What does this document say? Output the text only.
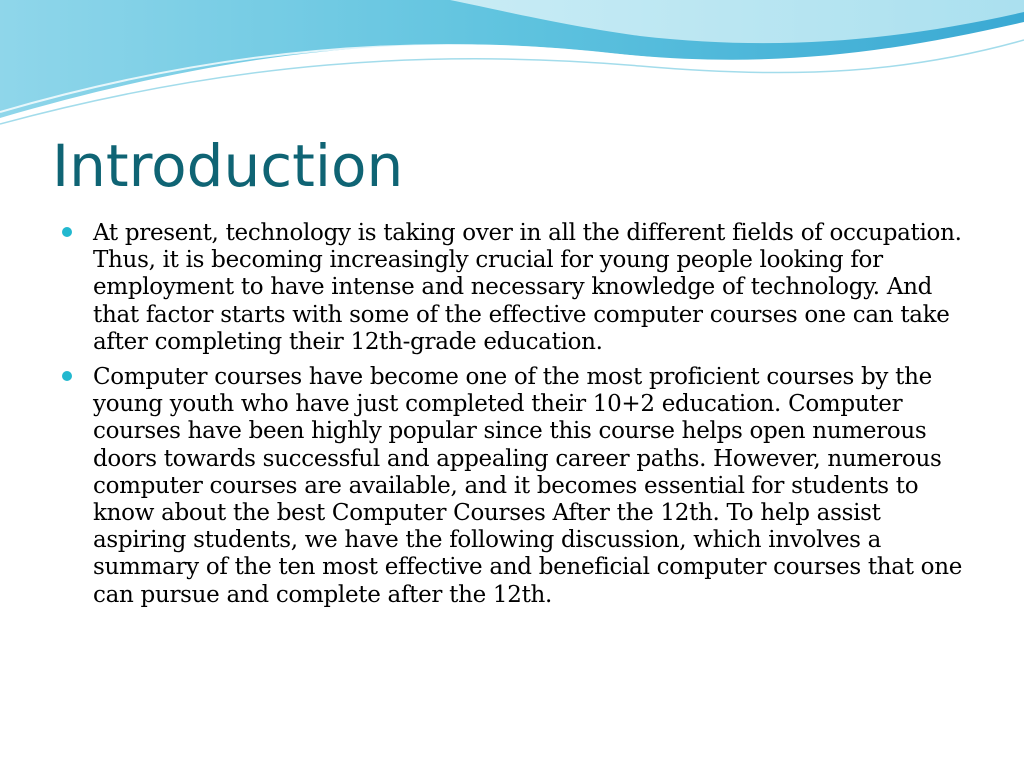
Introduction
At present, technology is taking over in all the different fields of occupation. Thus, it is becoming increasingly crucial for young people looking for employment to have intense and necessary knowledge of technology. And that factor starts with some of the effective computer courses one can take after completing their 12th-grade education.
Computer courses have become one of the most proficient courses by the young youth who have just completed their 10+2 education. Computer courses have been highly popular since this course helps open numerous doors towards successful and appealing career paths. However, numerous computer courses are available, and it becomes essential for students to know about the best Computer Courses After the 12th. To help assist aspiring students, we have the following discussion, which involves a summary of the ten most effective and beneficial computer courses that one can pursue and complete after the 12th.
